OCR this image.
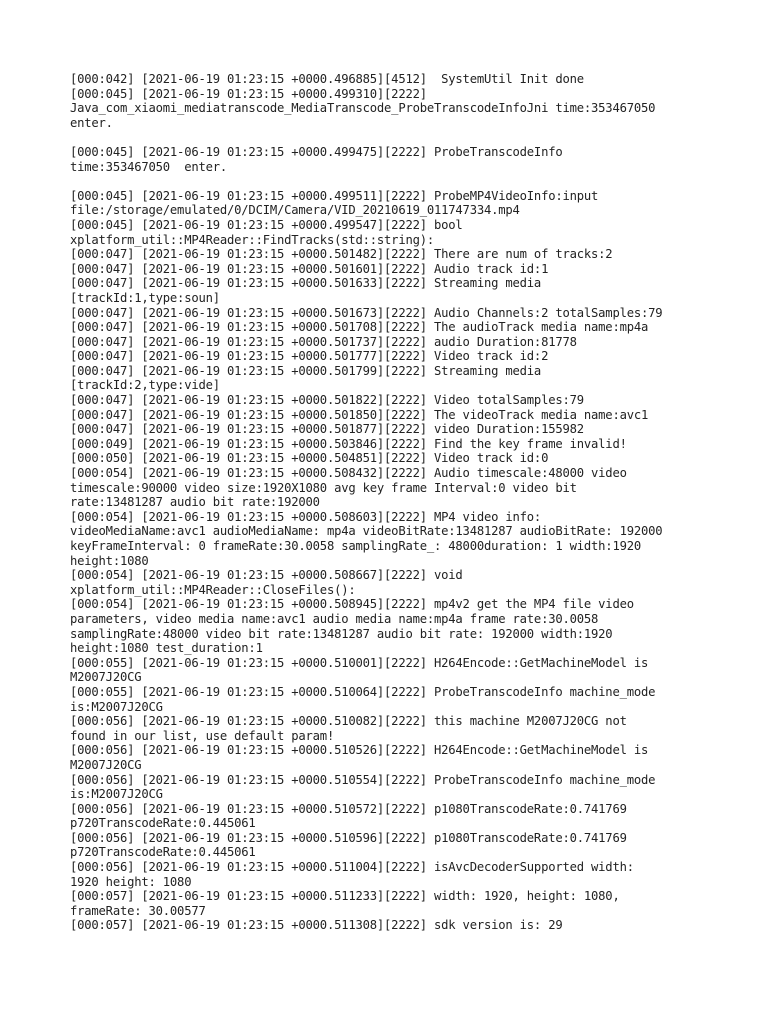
[000:042] [2021-06-19 01:23:15 +0000.496885][4512]  SystemUtil Init done
[000:045] [2021-06-19 01:23:15 +0000.499310][2222]
Java_com_xiaomi_mediatranscode_MediaTranscode_ProbeTranscodeInfoJni time:353467050
enter.
[000:045] [2021-06-19 01:23:15 +0000.499475][2222] ProbeTranscodeInfo
time:353467050  enter.
[000:045] [2021-06-19 01:23:15 +0000.499511][2222] ProbeMP4VideoInfo:input
file:/storage/emulated/0/DCIM/Camera/VID_20210619_011747334.mp4
[000:045] [2021-06-19 01:23:15 +0000.499547][2222] bool
xplatform_util::MP4Reader::FindTracks(std::string):
[000:047] [2021-06-19 01:23:15 +0000.501482][2222] There are num of tracks:2
[000:047] [2021-06-19 01:23:15 +0000.501601][2222] Audio track id:1
[000:047] [2021-06-19 01:23:15 +0000.501633][2222] Streaming media
[trackId:1,type:soun]
[000:047] [2021-06-19 01:23:15 +0000.501673][2222] Audio Channels:2 totalSamples:79
[000:047] [2021-06-19 01:23:15 +0000.501708][2222] The audioTrack media name:mp4a
[000:047] [2021-06-19 01:23:15 +0000.501737][2222] audio Duration:81778
[000:047] [2021-06-19 01:23:15 +0000.501777][2222] Video track id:2
[000:047] [2021-06-19 01:23:15 +0000.501799][2222] Streaming media
[trackId:2,type:vide]
[000:047] [2021-06-19 01:23:15 +0000.501822][2222] Video totalSamples:79
[000:047] [2021-06-19 01:23:15 +0000.501850][2222] The videoTrack media name:avc1
[000:047] [2021-06-19 01:23:15 +0000.501877][2222] video Duration:155982
[000:049] [2021-06-19 01:23:15 +0000.503846][2222] Find the key frame invalid!
[000:050] [2021-06-19 01:23:15 +0000.504851][2222] Video track id:0
[000:054] [2021-06-19 01:23:15 +0000.508432][2222] Audio timescale:48000 video
timescale:90000 video size:1920X1080 avg key frame Interval:0 video bit
rate:13481287 audio bit rate:192000
[000:054] [2021-06-19 01:23:15 +0000.508603][2222] MP4 video info:
videoMediaName:avc1 audioMediaName: mp4a videoBitRate:13481287 audioBitRate: 192000
keyFrameInterval: 0 frameRate:30.0058 samplingRate_: 48000duration: 1 width:1920
height:1080
[000:054] [2021-06-19 01:23:15 +0000.508667][2222] void
xplatform_util::MP4Reader::CloseFiles():
[000:054] [2021-06-19 01:23:15 +0000.508945][2222] mp4v2 get the MP4 file video
parameters, video media name:avc1 audio media name:mp4a frame rate:30.0058
samplingRate:48000 video bit rate:13481287 audio bit rate: 192000 width:1920
height:1080 test_duration:1
[000:055] [2021-06-19 01:23:15 +0000.510001][2222] H264Encode::GetMachineModel is
M2007J20CG
[000:055] [2021-06-19 01:23:15 +0000.510064][2222] ProbeTranscodeInfo machine_mode
is:M2007J20CG
[000:056] [2021-06-19 01:23:15 +0000.510082][2222] this machine M2007J20CG not
found in our list, use default param!
[000:056] [2021-06-19 01:23:15 +0000.510526][2222] H264Encode::GetMachineModel is
M2007J20CG
[000:056] [2021-06-19 01:23:15 +0000.510554][2222] ProbeTranscodeInfo machine_mode
is:M2007J20CG
[000:056] [2021-06-19 01:23:15 +0000.510572][2222] p1080TranscodeRate:0.741769
p720TranscodeRate:0.445061
[000:056] [2021-06-19 01:23:15 +0000.510596][2222] p1080TranscodeRate:0.741769
p720TranscodeRate:0.445061
[000:056] [2021-06-19 01:23:15 +0000.511004][2222] isAvcDecoderSupported width:
1920 height: 1080
[000:057] [2021-06-19 01:23:15 +0000.511233][2222] width: 1920, height: 1080,
frameRate: 30.00577
[000:057] [2021-06-19 01:23:15 +0000.511308][2222] sdk version is: 29
